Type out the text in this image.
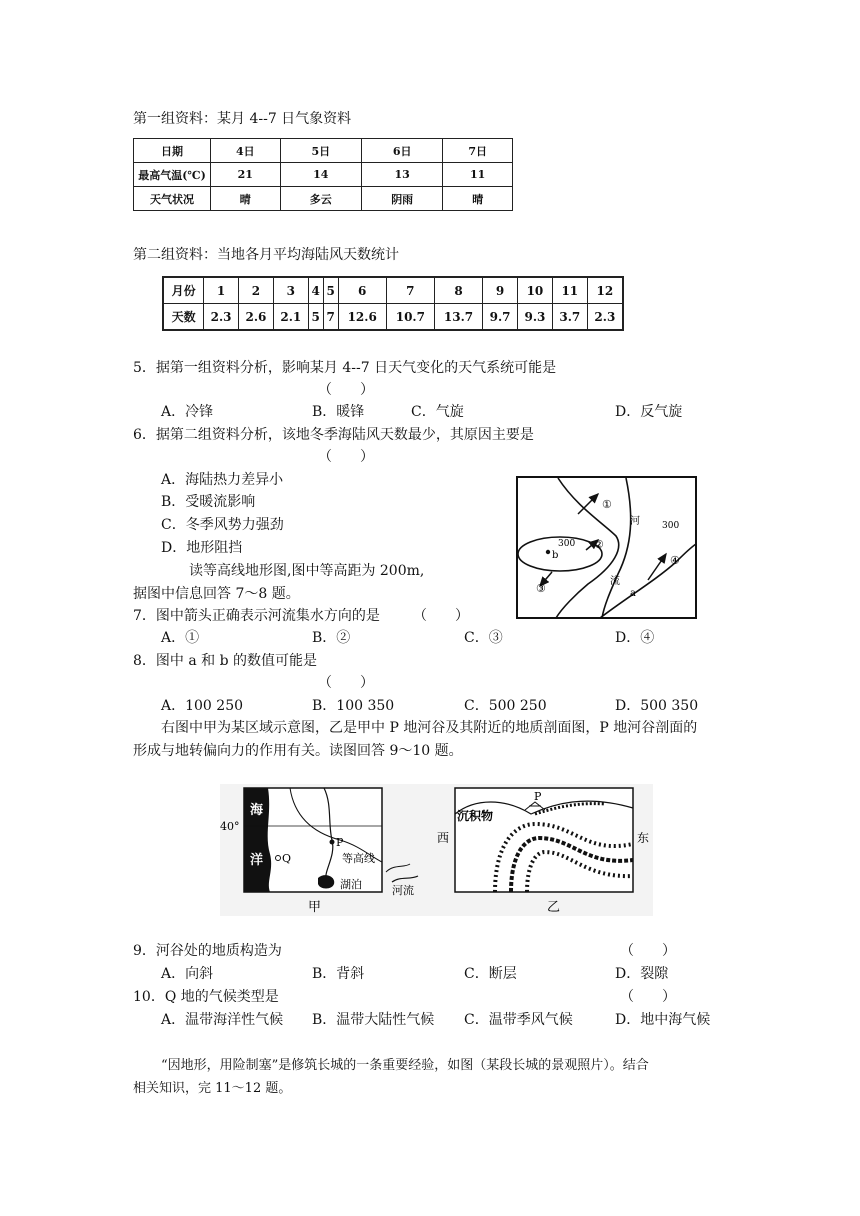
第一组资料：某月 4--7 日气象资料
日期	4日	5日	6日	7日
最高气温(℃)	21	14	13	11
天气状况	晴	多云	阴雨	晴
第二组资料：当地各月平均海陆风天数统计
月份	1	2	3	4	5	6	7	8	9	10	11	12
天数	2.3	2.6	2.1	5	7	12.6	10.7	13.7	9.7	9.3	3.7	2.3
5．据第一组资料分析，影响某月 4--7 日天气变化的天气系统可能是
（　　）
A．冷锋	B．暖锋	C．气旋	D．反气旋
6．据第二组资料分析，该地冬季海陆风天数最少，其原因主要是
（　　）
A．海陆热力差异小
B．受暖流影响
C．冬季风势力强劲
D．地形阻挡
读等高线地形图,图中等高距为 200m,
据图中信息回答 7～8 题。
①
②
③
④
300
300
河
流
a
b
7．图中箭头正确表示河流集水方向的是 （　　）
A．①	B．②	C．③	D．④
8．图中 a 和 b 的数值可能是
（　　）
A．100 250	B．100 350	C．500 250	D．500 350
右图中甲为某区域示意图，乙是甲中 P 地河谷及其附近的地质剖面图，P 地河谷剖面的
形成与地转偏向力的作用有关。读图回答 9～10 题。
海
洋 Q
40°
P
等高线
湖泊	河流
甲
P
沉积物
西	东
乙
9．河谷处的地质构造为	（　　）
A．向斜	B．背斜	C．断层	D．裂隙
10．Q 地的气候类型是	（　　）
A．温带海洋性气候 B．温带大陆性气候 C．温带季风气候	D．地中海气候
“因地形，用险制塞”是修筑长城的一条重要经验，如图（某段长城的景观照片）。结合
相关知识，完 11～12 题。
